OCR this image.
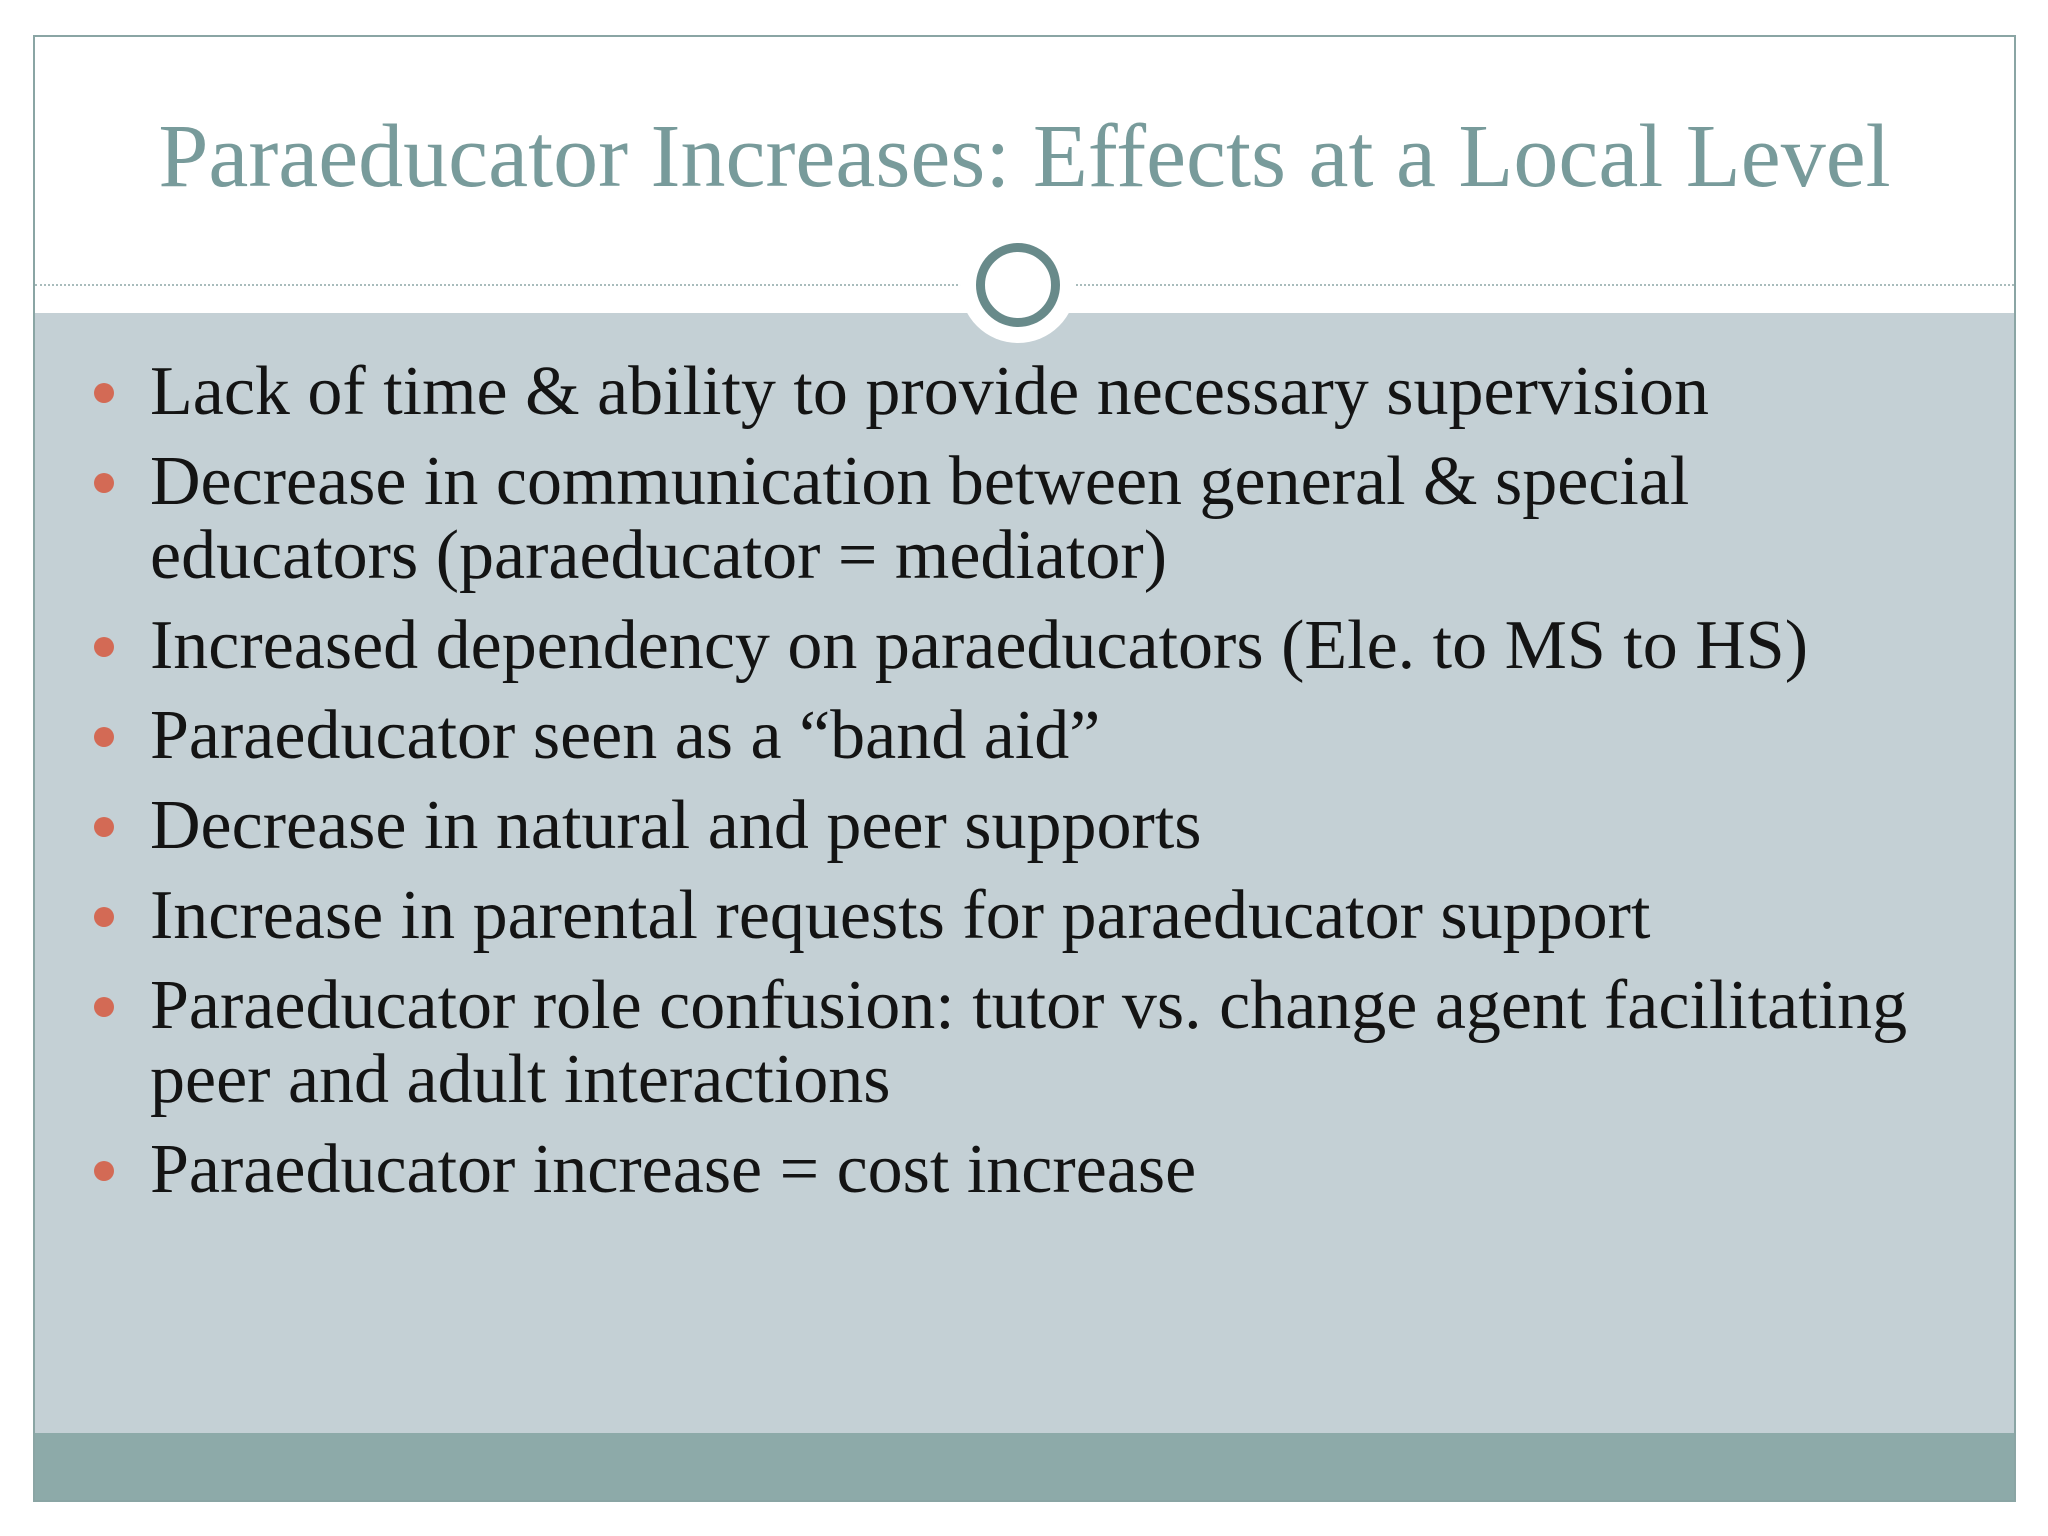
Paraeducator Increases: Effects at a Local Level
Lack of time & ability to provide necessary supervision
Decrease in communication between general & special educators (paraeducator = mediator)
Increased dependency on paraeducators (Ele. to MS to HS)
Paraeducator seen as a “band aid”
Decrease in natural and peer supports
Increase in parental requests for paraeducator support
Paraeducator role confusion: tutor vs. change agent facilitating peer and adult interactions
Paraeducator increase = cost increase
